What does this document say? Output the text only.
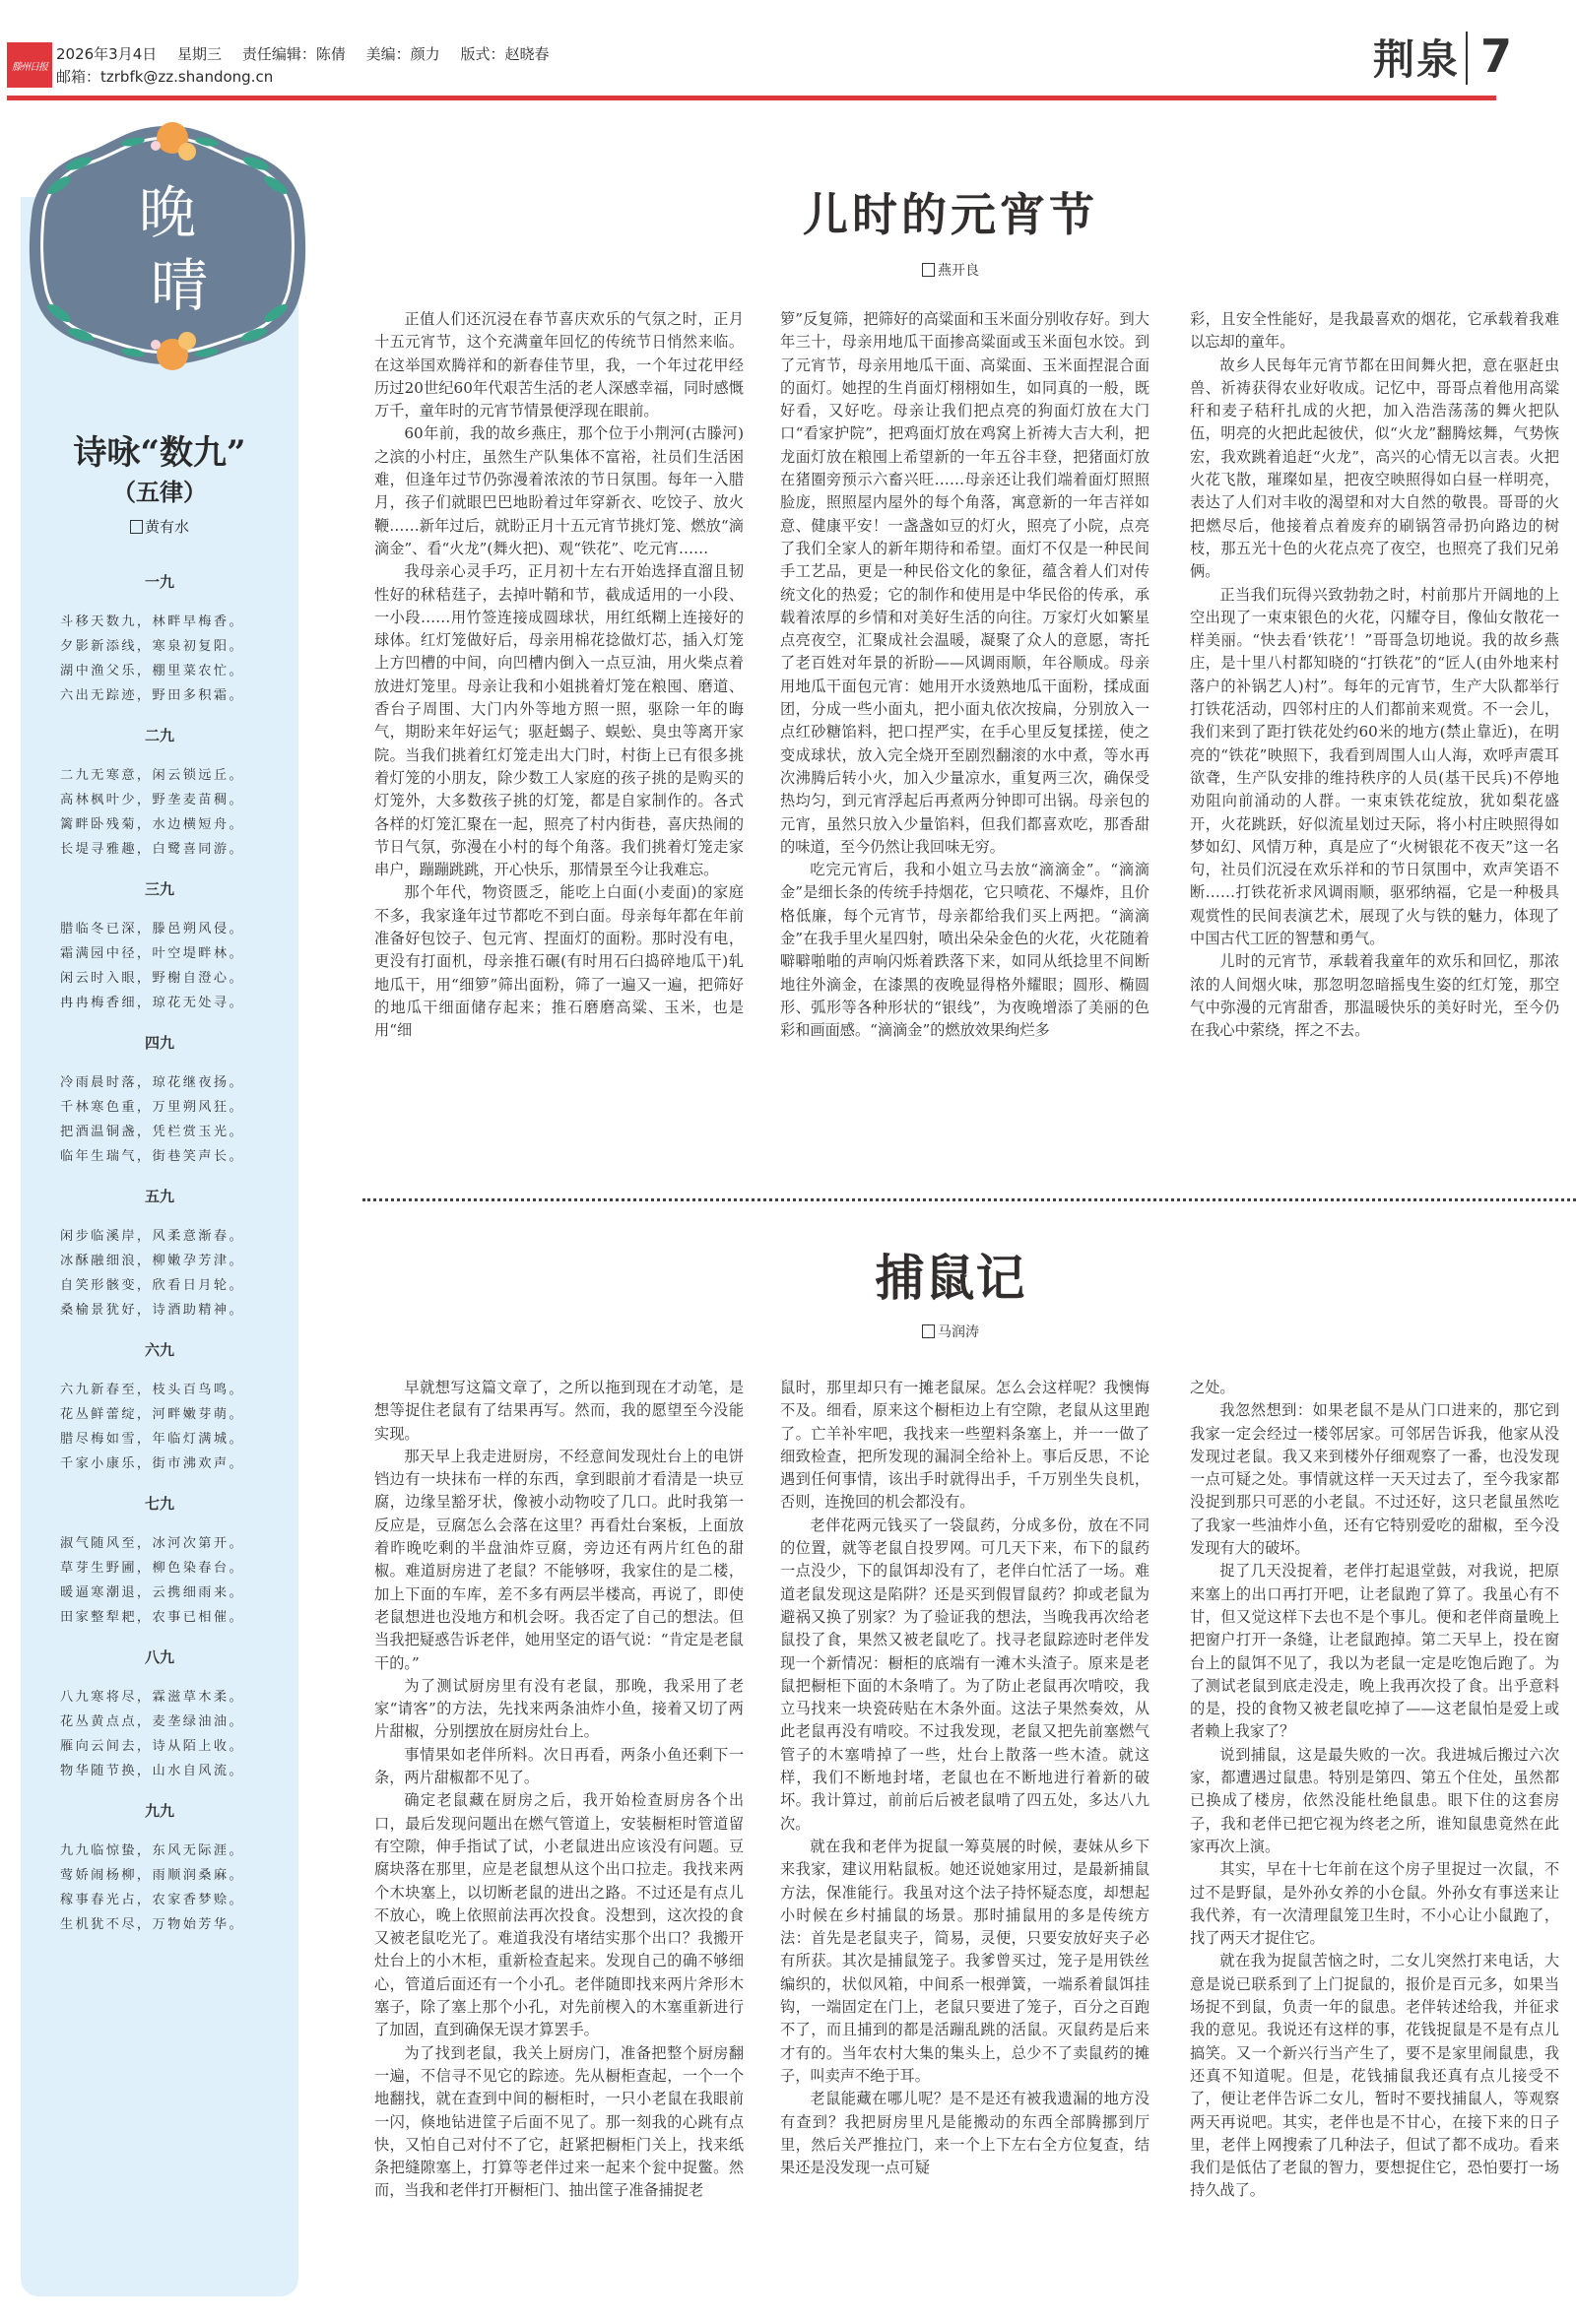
滕州日报
2026年3月4日 星期三 责任编辑：陈倩 美编：颜力 版式：赵晓春
邮箱：tzrbfk@zz.shandong.cn	荆泉 7
晚
晴
诗咏“数九”
（五律）
黄有水
一九
斗移天数九，林畔早梅香。
夕影新添线，寒泉初复阳。
湖中渔父乐，棚里菜农忙。
六出无踪迹，野田多积霜。
二九
二九无寒意，闲云锁远丘。
高林枫叶少，野垄麦苗稠。
篱畔卧残菊，水边横短舟。
长堤寻雅趣，白鹭喜同游。
三九
腊临冬已深，滕邑朔风侵。
霜满园中径，叶空堤畔林。
闲云时入眼，野榭自澄心。
冉冉梅香细，琼花无处寻。
四九
冷雨晨时落，琼花继夜扬。
千林寒色重，万里朔风狂。
把酒温铜盏，凭栏赏玉光。
临年生瑞气，街巷笑声长。
五九
闲步临溪岸，风柔意渐春。
冰酥融细浪，柳嫩孕芳津。
自笑形骸变，欣看日月轮。
桑榆景犹好，诗酒助精神。
六九
六九新春至，枝头百鸟鸣。
花丛鲜蕾绽，河畔嫩芽萌。
腊尽梅如雪，年临灯满城。
千家小康乐，街市沸欢声。
七九
淑气随风至，冰河次第开。
草芽生野圃，柳色染春台。
暖逼寒潮退，云携细雨来。
田家整犁耙，农事已相催。
八九
八九寒将尽，霖滋草木柔。
花丛黄点点，麦垄绿油油。
雁向云间去，诗从陌上收。
物华随节换，山水自风流。
九九
九九临惊蛰，东风无际涯。
莺娇闹杨柳，雨顺润桑麻。
稼事春光占，农家香梦赊。
生机犹不尽，万物始芳华。
儿时的元宵节
燕开良

正值人们还沉浸在春节喜庆欢乐的气氛之时，正月十五元宵节，这个充满童年回忆的传统节日悄然来临。在这举国欢腾祥和的新春佳节里，我，一个年过花甲经历过20世纪60年代艰苦生活的老人深感幸福，同时感慨万千，童年时的元宵节情景便浮现在眼前。

60年前，我的故乡燕庄，那个位于小荆河(古滕河)之滨的小村庄，虽然生产队集体不富裕，社员们生活困难，但逢年过节仍弥漫着浓浓的节日氛围。每年一入腊月，孩子们就眼巴巴地盼着过年穿新衣、吃饺子、放火鞭……新年过后，就盼正月十五元宵节挑灯笼、燃放“滴滴金”、看“火龙”(舞火把)、观“铁花”、吃元宵……

我母亲心灵手巧，正月初十左右开始选择直溜且韧性好的秫秸莛子，去掉叶鞘和节，截成适用的一小段、一小段……用竹签连接成圆球状，用红纸糊上连接好的球体。红灯笼做好后，母亲用棉花捻做灯芯，插入灯笼上方凹槽的中间，向凹槽内倒入一点豆油，用火柴点着放进灯笼里。母亲让我和小姐挑着灯笼在粮囤、磨道、香台子周围、大门内外等地方照一照，驱除一年的晦气，期盼来年好运气；驱赶蝎子、蜈蚣、臭虫等离开家院。当我们挑着红灯笼走出大门时，村街上已有很多挑着灯笼的小朋友，除少数工人家庭的孩子挑的是购买的灯笼外，大多数孩子挑的灯笼，都是自家制作的。各式各样的灯笼汇聚在一起，照亮了村内街巷，喜庆热闹的节日气氛，弥漫在小村的每个角落。我们挑着灯笼走家串户，蹦蹦跳跳，开心快乐，那情景至今让我难忘。

那个年代，物资匮乏，能吃上白面(小麦面)的家庭不多，我家逢年过节都吃不到白面。母亲每年都在年前准备好包饺子、包元宵、捏面灯的面粉。那时没有电，更没有打面机，母亲推石碾(有时用石臼捣碎地瓜干)轧地瓜干，用“细箩”筛出面粉，筛了一遍又一遍，把筛好的地瓜干细面储存起来；推石磨磨高粱、玉米，也是用“细

箩”反复筛，把筛好的高粱面和玉米面分别收存好。到大年三十，母亲用地瓜干面掺高粱面或玉米面包水饺。到了元宵节，母亲用地瓜干面、高粱面、玉米面捏混合面的面灯。她捏的生肖面灯栩栩如生，如同真的一般，既好看，又好吃。母亲让我们把点亮的狗面灯放在大门口“看家护院”，把鸡面灯放在鸡窝上祈祷大吉大利，把龙面灯放在粮囤上希望新的一年五谷丰登，把猪面灯放在猪圈旁预示六畜兴旺……母亲还让我们端着面灯照照脸庞，照照屋内屋外的每个角落，寓意新的一年吉祥如意、健康平安！一盏盏如豆的灯火，照亮了小院，点亮了我们全家人的新年期待和希望。面灯不仅是一种民间手工艺品，更是一种民俗文化的象征，蕴含着人们对传统文化的热爱；它的制作和使用是中华民俗的传承，承载着浓厚的乡情和对美好生活的向往。万家灯火如繁星点亮夜空，汇聚成社会温暖，凝聚了众人的意愿，寄托了老百姓对年景的祈盼——风调雨顺，年谷顺成。母亲用地瓜干面包元宵：她用开水烫熟地瓜干面粉，揉成面团，分成一些小面丸，把小面丸依次按扁，分别放入一点红砂糖馅料，把口捏严实，在手心里反复揉搓，使之变成球状，放入完全烧开至剧烈翻滚的水中煮，等水再次沸腾后转小火，加入少量凉水，重复两三次，确保受热均匀，到元宵浮起后再煮两分钟即可出锅。母亲包的元宵，虽然只放入少量馅料，但我们都喜欢吃，那香甜的味道，至今仍然让我回味无穷。

吃完元宵后，我和小姐立马去放“滴滴金”。“滴滴金”是细长条的传统手持烟花，它只喷花、不爆炸，且价格低廉，每个元宵节，母亲都给我们买上两把。“滴滴金”在我手里火星四射，喷出朵朵金色的火花，火花随着噼噼啪啪的声响闪烁着跌落下来，如同从纸捻里不间断地往外滴金，在漆黑的夜晚显得格外耀眼；圆形、椭圆形、弧形等各种形状的“银线”，为夜晚增添了美丽的色彩和画面感。“滴滴金”的燃放效果绚烂多

彩，且安全性能好，是我最喜欢的烟花，它承载着我难以忘却的童年。

故乡人民每年元宵节都在田间舞火把，意在驱赶虫兽、祈祷获得农业好收成。记忆中，哥哥点着他用高粱秆和麦子秸秆扎成的火把，加入浩浩荡荡的舞火把队伍，明亮的火把此起彼伏，似“火龙”翻腾炫舞，气势恢宏，我欢跳着追赶“火龙”，高兴的心情无以言表。火把火花飞散，璀璨如星，把夜空映照得如白昼一样明亮，表达了人们对丰收的渴望和对大自然的敬畏。哥哥的火把燃尽后，他接着点着废弃的刷锅笤帚扔向路边的树枝，那五光十色的火花点亮了夜空，也照亮了我们兄弟俩。

正当我们玩得兴致勃勃之时，村前那片开阔地的上空出现了一束束银色的火花，闪耀夺目，像仙女散花一样美丽。“快去看‘铁花’！”哥哥急切地说。我的故乡燕庄，是十里八村都知晓的“打铁花”的“匠人(由外地来村落户的补锅艺人)村”。每年的元宵节，生产大队都举行打铁花活动，四邻村庄的人们都前来观赏。不一会儿，我们来到了距打铁花处约60米的地方(禁止靠近)，在明亮的“铁花”映照下，我看到周围人山人海，欢呼声震耳欲聋，生产队安排的维持秩序的人员(基干民兵)不停地劝阻向前涌动的人群。一束束铁花绽放，犹如梨花盛开，火花跳跃，好似流星划过天际，将小村庄映照得如梦如幻、风情万种，真是应了“火树银花不夜天”这一名句，社员们沉浸在欢乐祥和的节日氛围中，欢声笑语不断……打铁花祈求风调雨顺，驱邪纳福，它是一种极具观赏性的民间表演艺术，展现了火与铁的魅力，体现了中国古代工匠的智慧和勇气。

儿时的元宵节，承载着我童年的欢乐和回忆，那浓浓的人间烟火味，那忽明忽暗摇曳生姿的红灯笼，那空气中弥漫的元宵甜香，那温暖快乐的美好时光，至今仍在我心中萦绕，挥之不去。

捕鼠记
马润涛

早就想写这篇文章了，之所以拖到现在才动笔，是想等捉住老鼠有了结果再写。然而，我的愿望至今没能实现。

那天早上我走进厨房，不经意间发现灶台上的电饼铛边有一块抹布一样的东西，拿到眼前才看清是一块豆腐，边缘呈豁牙状，像被小动物咬了几口。此时我第一反应是，豆腐怎么会落在这里？再看灶台案板，上面放着昨晚吃剩的半盘油炸豆腐，旁边还有两片红色的甜椒。难道厨房进了老鼠？不能够呀，我家住的是二楼，加上下面的车库，差不多有两层半楼高，再说了，即使老鼠想进也没地方和机会呀。我否定了自己的想法。但当我把疑惑告诉老伴，她用坚定的语气说：“肯定是老鼠干的。”

为了测试厨房里有没有老鼠，那晚，我采用了老家“请客”的方法，先找来两条油炸小鱼，接着又切了两片甜椒，分别摆放在厨房灶台上。

事情果如老伴所料。次日再看，两条小鱼还剩下一条，两片甜椒都不见了。

确定老鼠藏在厨房之后，我开始检查厨房各个出口，最后发现问题出在燃气管道上，安装橱柜时管道留有空隙，伸手指试了试，小老鼠进出应该没有问题。豆腐块落在那里，应是老鼠想从这个出口拉走。我找来两个木块塞上，以切断老鼠的进出之路。不过还是有点儿不放心，晚上依照前法再次投食。没想到，这次投的食又被老鼠吃光了。难道我没有堵结实那个出口？我搬开灶台上的小木柜，重新检查起来。发现自己的确不够细心，管道后面还有一个小孔。老伴随即找来两片斧形木塞子，除了塞上那个小孔，对先前楔入的木塞重新进行了加固，直到确保无误才算罢手。

为了找到老鼠，我关上厨房门，准备把整个厨房翻一遍，不信寻不见它的踪迹。先从橱柜查起，一个一个地翻找，就在查到中间的橱柜时，一只小老鼠在我眼前一闪，倏地钻进筐子后面不见了。那一刻我的心跳有点快，又怕自己对付不了它，赶紧把橱柜门关上，找来纸条把缝隙塞上，打算等老伴过来一起来个瓮中捉鳖。然而，当我和老伴打开橱柜门、抽出筐子准备捕捉老

鼠时，那里却只有一摊老鼠屎。怎么会这样呢？我懊悔不及。细看，原来这个橱柜边上有空隙，老鼠从这里跑了。亡羊补牢吧，我找来一些塑料条塞上，并一一做了细致检查，把所发现的漏洞全给补上。事后反思，不论遇到任何事情，该出手时就得出手，千万别坐失良机，否则，连挽回的机会都没有。

老伴花两元钱买了一袋鼠药，分成多份，放在不同的位置，就等老鼠自投罗网。可几天下来，布下的鼠药一点没少，下的鼠饵却没有了，老伴白忙活了一场。难道老鼠发现这是陷阱？还是买到假冒鼠药？抑或老鼠为避祸又换了别家？为了验证我的想法，当晚我再次给老鼠投了食，果然又被老鼠吃了。找寻老鼠踪迹时老伴发现一个新情况：橱柜的底端有一滩木头渣子。原来是老鼠把橱柜下面的木条啃了。为了防止老鼠再次啃咬，我立马找来一块瓷砖贴在木条外面。这法子果然奏效，从此老鼠再没有啃咬。不过我发现，老鼠又把先前塞燃气管子的木塞啃掉了一些，灶台上散落一些木渣。就这样，我们不断地封堵，老鼠也在不断地进行着新的破坏。我计算过，前前后后被老鼠啃了四五处，多达八九次。

就在我和老伴为捉鼠一筹莫展的时候，妻妹从乡下来我家，建议用粘鼠板。她还说她家用过，是最新捕鼠方法，保准能行。我虽对这个法子持怀疑态度，却想起小时候在乡村捕鼠的场景。那时捕鼠用的多是传统方法：首先是老鼠夹子，简易，灵便，只要安放好夹子必有所获。其次是捕鼠笼子。我爹曾买过，笼子是用铁丝编织的，状似风箱，中间系一根弹簧，一端系着鼠饵挂钩，一端固定在门上，老鼠只要进了笼子，百分之百跑不了，而且捕到的都是活蹦乱跳的活鼠。灭鼠药是后来才有的。当年农村大集的集头上，总少不了卖鼠药的摊子，叫卖声不绝于耳。

老鼠能藏在哪儿呢？是不是还有被我遗漏的地方没有查到？我把厨房里凡是能搬动的东西全部腾挪到厅里，然后关严推拉门，来一个上下左右全方位复查，结果还是没发现一点可疑

之处。

我忽然想到：如果老鼠不是从门口进来的，那它到我家一定会经过一楼邻居家。可邻居告诉我，他家从没发现过老鼠。我又来到楼外仔细观察了一番，也没发现一点可疑之处。事情就这样一天天过去了，至今我家都没捉到那只可恶的小老鼠。不过还好，这只老鼠虽然吃了我家一些油炸小鱼，还有它特别爱吃的甜椒，至今没发现有大的破坏。

捉了几天没捉着，老伴打起退堂鼓，对我说，把原来塞上的出口再打开吧，让老鼠跑了算了。我虽心有不甘，但又觉这样下去也不是个事儿。便和老伴商量晚上把窗户打开一条缝，让老鼠跑掉。第二天早上，投在窗台上的鼠饵不见了，我以为老鼠一定是吃饱后跑了。为了测试老鼠到底走没走，晚上我再次投了食。出乎意料的是，投的食物又被老鼠吃掉了——这老鼠怕是爱上或者赖上我家了？

说到捕鼠，这是最失败的一次。我进城后搬过六次家，都遭遇过鼠患。特别是第四、第五个住处，虽然都已换成了楼房，依然没能杜绝鼠患。眼下住的这套房子，我和老伴已把它视为终老之所，谁知鼠患竟然在此家再次上演。

其实，早在十七年前在这个房子里捉过一次鼠，不过不是野鼠，是外孙女养的小仓鼠。外孙女有事送来让我代养，有一次清理鼠笼卫生时，不小心让小鼠跑了，找了两天才捉住它。

就在我为捉鼠苦恼之时，二女儿突然打来电话，大意是说已联系到了上门捉鼠的，报价是百元多，如果当场捉不到鼠，负责一年的鼠患。老伴转述给我，并征求我的意见。我说还有这样的事，花钱捉鼠是不是有点儿搞笑。又一个新兴行当产生了，要不是家里闹鼠患，我还真不知道呢。但是，花钱捕鼠我还真有点儿接受不了，便让老伴告诉二女儿，暂时不要找捕鼠人，等观察两天再说吧。其实，老伴也是不甘心，在接下来的日子里，老伴上网搜索了几种法子，但试了都不成功。看来我们是低估了老鼠的智力，要想捉住它，恐怕要打一场持久战了。
